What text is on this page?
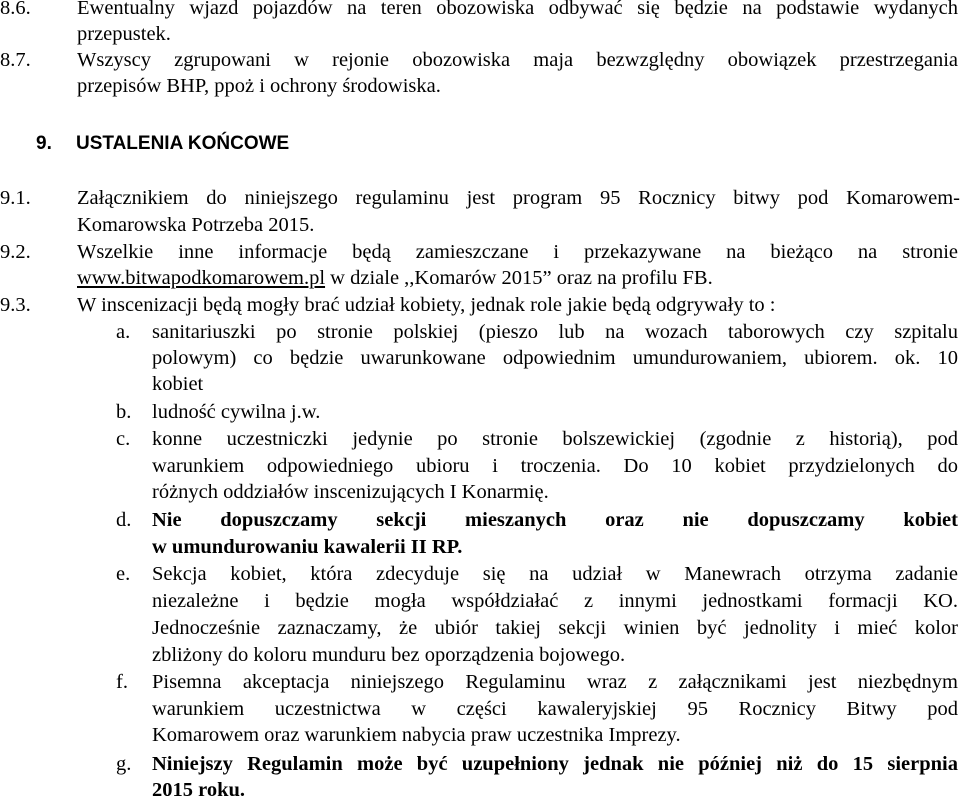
8.6. Ewentualny wjazd pojazdów na teren obozowiska odbywać się będzie na podstawie wydanych
przepustek.
8.7. Wszyscy zgrupowani w rejonie obozowiska maja bezwzględny obowiązek przestrzegania
przepisów BHP, ppoż i ochrony środowiska.
9. USTALENIA KOŃCOWE
9.1. Załącznikiem do niniejszego regulaminu jest program 95 Rocznicy bitwy pod Komarowem-
Komarowska Potrzeba 2015.
9.2. Wszelkie inne informacje będą zamieszczane i przekazywane na bieżąco na stronie
www.bitwapodkomarowem.pl w dziale ,,Komarów 2015” oraz na profilu FB.
9.3. W inscenizacji będą mogły brać udział kobiety, jednak role jakie będą odgrywały to :
a. sanitariuszki po stronie polskiej (pieszo lub na wozach taborowych czy szpitalu
polowym) co będzie uwarunkowane odpowiednim umundurowaniem, ubiorem. ok. 10
kobiet
b. ludność cywilna j.w.
c. konne uczestniczki jedynie po stronie bolszewickiej (zgodnie z historią), pod
warunkiem odpowiedniego ubioru i troczenia. Do 10 kobiet przydzielonych do
różnych oddziałów inscenizujących I Konarmię.
d. Nie dopuszczamy sekcji mieszanych oraz nie dopuszczamy kobiet
w umundurowaniu kawalerii II RP.
e. Sekcja kobiet, która zdecyduje się na udział w Manewrach otrzyma zadanie
niezależne i będzie mogła współdziałać z innymi jednostkami formacji KO.
Jednocześnie zaznaczamy, że ubiór takiej sekcji winien być jednolity i mieć kolor
zbliżony do koloru munduru bez oporządzenia bojowego.
f. Pisemna akceptacja niniejszego Regulaminu wraz z załącznikami jest niezbędnym
warunkiem uczestnictwa w części kawaleryjskiej 95 Rocznicy Bitwy pod
Komarowem oraz warunkiem nabycia praw uczestnika Imprezy.
g. Niniejszy Regulamin może być uzupełniony jednak nie później niż do 15 sierpnia
2015 roku.
